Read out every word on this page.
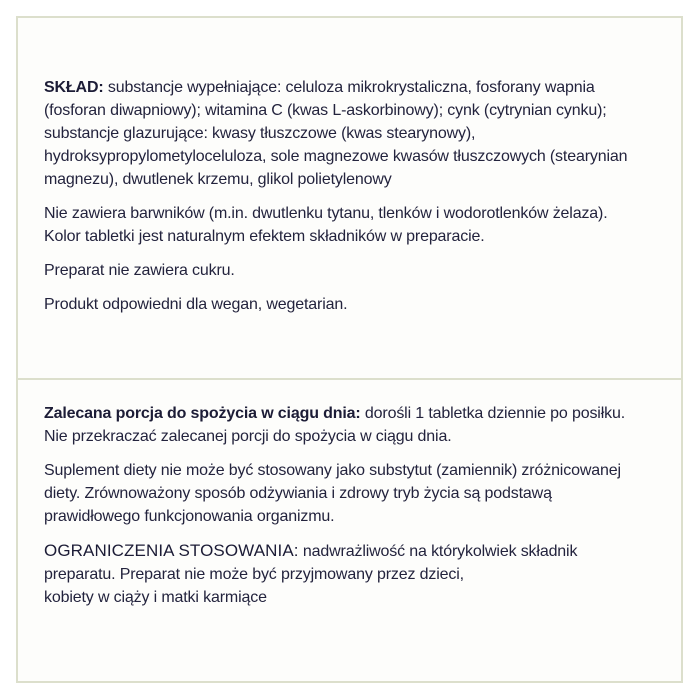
SKŁAD: substancje wypełniające: celuloza mikrokrystaliczna, fosforany wapnia
(fosforan diwapniowy); witamina C (kwas L-askorbinowy); cynk (cytrynian cynku);
substancje glazurujące: kwasy tłuszczowe (kwas stearynowy),
hydroksypropylometyloceluloza, sole magnezowe kwasów tłuszczowych (stearynian
magnezu), dwutlenek krzemu, glikol polietylenowy

Nie zawiera barwników (m.in. dwutlenku tytanu, tlenków i wodorotlenków żelaza).
Kolor tabletki jest naturalnym efektem składników w preparacie.

Preparat nie zawiera cukru.

Produkt odpowiedni dla wegan, wegetarian.

Zalecana porcja do spożycia w ciągu dnia: dorośli 1 tabletka dziennie po posiłku.
Nie przekraczać zalecanej porcji do spożycia w ciągu dnia.

Suplement diety nie może być stosowany jako substytut (zamiennik) zróżnicowanej
diety. Zrównoważony sposób odżywiania i zdrowy tryb życia są podstawą
prawidłowego funkcjonowania organizmu.

OGRANICZENIA STOSOWANIA: nadwrażliwość na którykolwiek składnik
preparatu. Preparat nie może być przyjmowany przez dzieci,
kobiety w ciąży i matki karmiące
